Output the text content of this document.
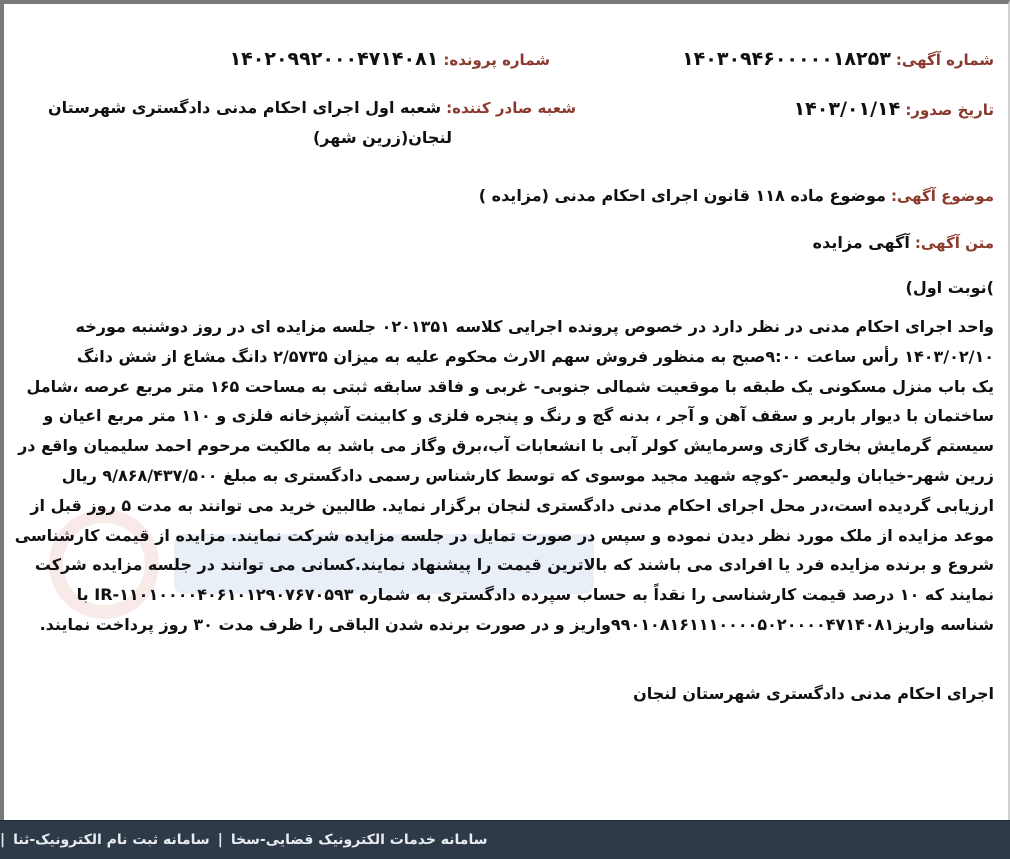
شماره آگهی: ۱۴۰۳۰۹۴۶۰۰۰۰۰۱۸۲۵۳
شماره پرونده: ۱۴۰۲۰۹۹۲۰۰۰۴۷۱۴۰۸۱
تاریخ صدور: ۱۴۰۳/۰۱/۱۴
شعبه صادر کننده: شعبه اول اجرای احکام مدنی دادگستری شهرستان
لنجان(زرین شهر)
موضوع آگهی: موضوع ماده ۱۱۸ قانون اجرای احکام مدنی (مزایده )
متن آگهی: آگهی مزایده
)نوبت اول)

واحد اجرای احکام مدنی در نظر دارد در خصوص پرونده اجرایی کلاسه ۰۲۰۱۳۵۱ جلسه مزایده ای در روز دوشنبه مورخه

۱۴۰۳/۰۲/۱۰ رأس ساعت ۹:۰۰صبح به منظور فروش سهم الارث محکوم علیه به میزان ۲/۵۷۳۵ دانگ مشاع از شش دانگ

یک باب منزل مسکونی یک طبقه با موقعیت شمالی جنوبی- غربی و فاقد سابقه ثبتی به مساحت ۱۶۵ متر مربع عرصه ،شامل

ساختمان با دیوار باربر و سقف آهن و آجر ، بدنه گچ و رنگ و پنجره فلزی و کابینت آشپزخانه فلزی و ۱۱۰ متر مربع اعیان و

سیستم گرمایش بخاری گازی وسرمایش کولر آبی با انشعابات آب،برق وگاز می باشد به مالکیت مرحوم احمد سلیمیان واقع در

زرین شهر-خیابان ولیعصر -کوچه شهید مجید موسوی که توسط کارشناس رسمی دادگستری به مبلغ ۹/۸۶۸/۴۳۷/۵۰۰ ریال

ارزیابی گردیده است،در محل اجرای احکام مدنی دادگستری لنجان برگزار نماید. طالبین خرید می توانند به مدت ۵ روز قبل از

موعد مزایده از ملک مورد نظر دیدن نموده و سپس در صورت تمایل در جلسه مزایده شرکت نمایند. مزایده از قیمت کارشناسی

شروع و برنده مزایده فرد یا افرادی می باشند که بالاترین قیمت را پیشنهاد نمایند.کسانی می توانند در جلسه مزایده شرکت

نمایند که ۱۰ درصد قیمت کارشناسی را نقداً به حساب سپرده دادگستری به شماره IR-۱۱۰۱۰۰۰۰۴۰۶۱۰۱۲۹۰۷۶۷۰۵۹۳ با

شناسه واریز۹۹۰۱۰۸۱۶۱۱۱۰۰۰۰۵۰۲۰۰۰۰۴۷۱۴۰۸۱واریز و در صورت برنده شدن الباقی را ظرف مدت ۳۰ روز پرداخت نمایند.

اجرای احکام مدنی دادگستری شهرستان لنجان
سامانه خدمات الکترونیک قضایی-سخا
|
سامانه ثبت نام الکترونیک-ثنا
|
